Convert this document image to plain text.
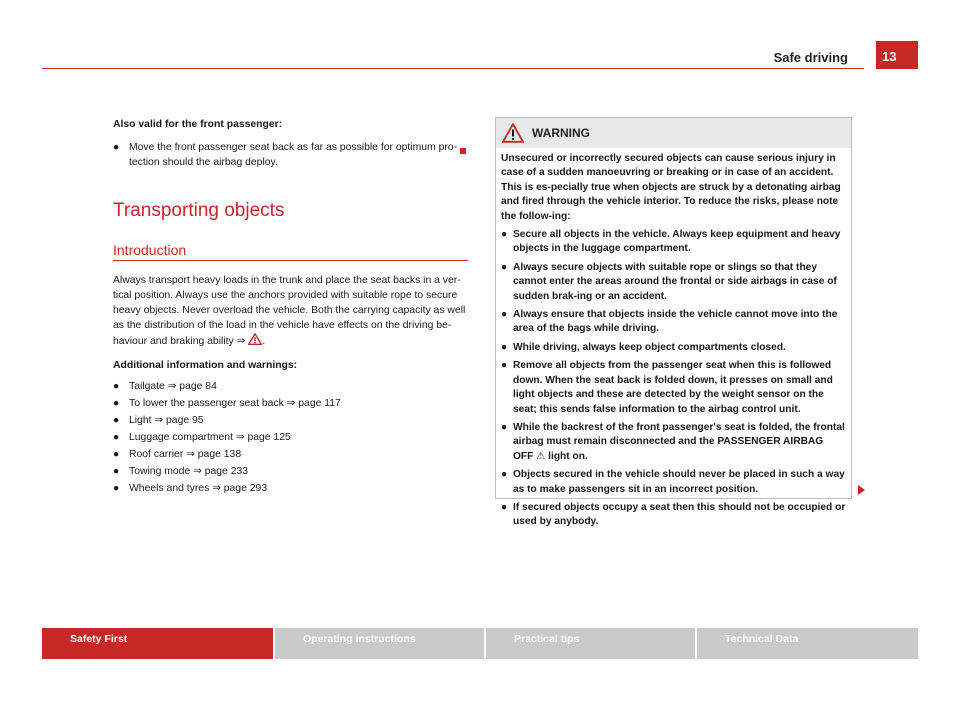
Safe driving	13
Also valid for the front passenger:
● Move the front passenger seat back as far as possible for optimum pro-tection should the airbag deploy.
Transporting objects
Introduction

Always transport heavy loads in the trunk and place the seat backs in a ver-tical position. Always use the anchors provided with suitable rope to secure heavy objects. Never overload the vehicle. Both the carrying capacity as well as the distribution of the load in the vehicle have effects on the driving be-haviour and braking ability ⇒ .

Additional information and warnings:
● Tailgate ⇒ page 84
● To lower the passenger seat back ⇒ page 117
● Light ⇒ page 95
● Luggage compartment ⇒ page 125
● Roof carrier ⇒ page 138
● Towing mode ⇒ page 233
● Wheels and tyres ⇒ page 293
WARNING

Unsecured or incorrectly secured objects can cause serious injury in case of a sudden manoeuvring or breaking or in case of an accident. This is es-pecially true when objects are struck by a detonating airbag and fired through the vehicle interior. To reduce the risks, please note the follow-ing:

● Secure all objects in the vehicle. Always keep equipment and heavy objects in the luggage compartment.
● Always secure objects with suitable rope or slings so that they cannot enter the areas around the frontal or side airbags in case of sudden brak-ing or an accident.
● Always ensure that objects inside the vehicle cannot move into the area of the bags while driving.
● While driving, always keep object compartments closed.
● Remove all objects from the passenger seat when this is followed down. When the seat back is folded down, it presses on small and light objects and these are detected by the weight sensor on the seat; this sends false information to the airbag control unit.
● While the backrest of the front passenger's seat is folded, the frontal airbag must remain disconnected and the PASSENGER AIRBAG OFF ⚠ light on.
● Objects secured in the vehicle should never be placed in such a way as to make passengers sit in an incorrect position.
● If secured objects occupy a seat then this should not be occupied or used by anybody.
Safety First	Operating instructions	Practical tips	Technical Data
